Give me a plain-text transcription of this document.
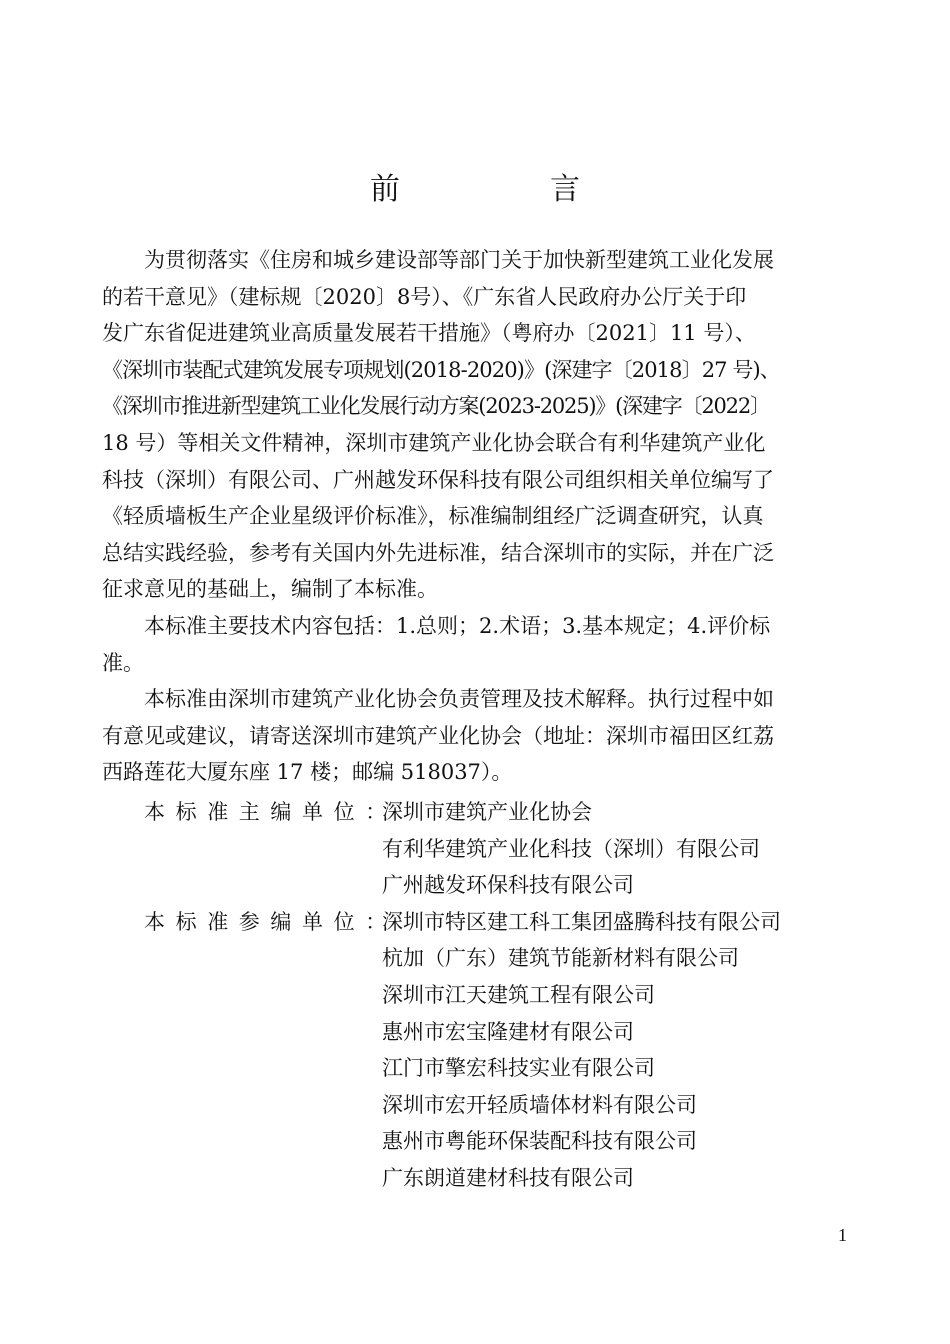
前　言

为贯彻落实《住房和城乡建设部等部门关于加快新型建筑工业化发展
的若干意见》（建标规〔2020〕8号）、《广东省人民政府办公厅关于印
发广东省促进建筑业高质量发展若干措施》（粤府办〔2021〕11 号）、
《深圳市装配式建筑发展专项规划(2018-2020)》(深建字〔2018〕27 号)、
《深圳市推进新型建筑工业化发展行动方案(2023-2025)》(深建字〔2022〕
18 号）等相关文件精神，深圳市建筑产业化协会联合有利华建筑产业化
科技（深圳）有限公司、广州越发环保科技有限公司组织相关单位编写了
《轻质墙板生产企业星级评价标准》，标准编制组经广泛调查研究，认真
总结实践经验，参考有关国内外先进标准，结合深圳市的实际，并在广泛
征求意见的基础上，编制了本标准。

本标准主要技术内容包括：1.总则；2.术语；3.基本规定；4.评价标
准。

本标准由深圳市建筑产业化协会负责管理及技术解释。执行过程中如
有意见或建议，请寄送深圳市建筑产业化协会（地址：深圳市福田区红荔
西路莲花大厦东座 17 楼；邮编 518037）。

本标准主编单位：
深圳市建筑产业化协会
有利华建筑产业化科技（深圳）有限公司
广州越发环保科技有限公司
本标准参编单位：
深圳市特区建工科工集团盛腾科技有限公司
杭加（广东）建筑节能新材料有限公司
深圳市江天建筑工程有限公司
惠州市宏宝隆建材有限公司
江门市擎宏科技实业有限公司
深圳市宏开轻质墙体材料有限公司
惠州市粤能环保装配科技有限公司
广东朗道建材科技有限公司
1
